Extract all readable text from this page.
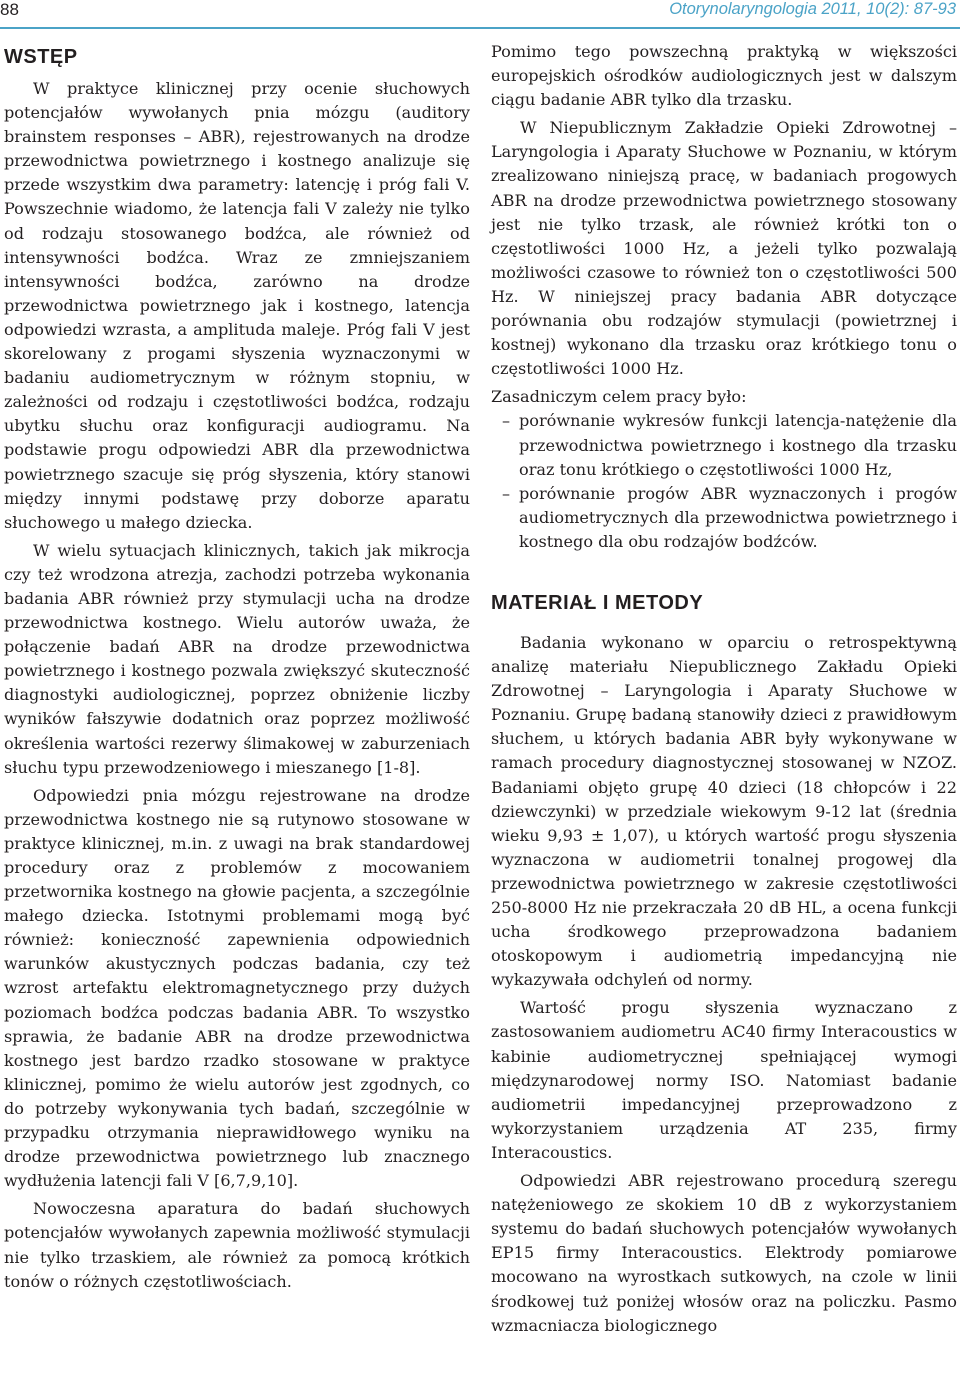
88	Otorynolaryngologia 2011, 10(2): 87-93
WSTĘP

W praktyce klinicznej przy ocenie słuchowych potencjałów wywołanych pnia mózgu (auditory brainstem responses – ABR), rejestrowanych na drodze przewodnictwa powietrznego i kostnego analizuje się przede wszystkim dwa parametry: latencję i próg fali V. Powszechnie wiadomo, że latencja fali V zależy nie tylko od rodzaju stosowanego bodźca, ale również od intensywności bodźca. Wraz ze zmniejszaniem intensywności bodźca, zarówno na drodze przewodnictwa powietrznego jak i kostnego, latencja odpowiedzi wzrasta, a amplituda maleje. Próg fali V jest skorelowany z progami słyszenia wyznaczonymi w badaniu audiometrycznym w różnym stopniu, w zależności od rodzaju i częstotliwości bodźca, rodzaju ubytku słuchu oraz konfiguracji audiogramu. Na podstawie progu odpowiedzi ABR dla przewodnictwa powietrznego szacuje się próg słyszenia, który stanowi między innymi podstawę przy doborze aparatu słuchowego u małego dziecka.

W wielu sytuacjach klinicznych, takich jak mikrocja czy też wrodzona atrezja, zachodzi potrzeba wykonania badania ABR również przy stymulacji ucha na drodze przewodnictwa kostnego. Wielu autorów uważa, że połączenie badań ABR na drodze przewodnictwa powietrznego i kostnego pozwala zwiększyć skuteczność diagnostyki audiologicznej, poprzez obniżenie liczby wyników fałszywie dodatnich oraz poprzez możliwość określenia wartości rezerwy ślimakowej w zaburzeniach słuchu typu przewodzeniowego i mieszanego [1-8].

Odpowiedzi pnia mózgu rejestrowane na drodze przewodnictwa kostnego nie są rutynowo stosowane w praktyce klinicznej, m.in. z uwagi na brak standardowej procedury oraz z problemów z mocowaniem przetwornika kostnego na głowie pacjenta, a szczególnie małego dziecka. Istotnymi problemami mogą być również: konieczność zapewnienia odpowiednich warunków akustycznych podczas badania, czy też wzrost artefaktu elektromagnetycznego przy dużych poziomach bodźca podczas badania ABR. To wszystko sprawia, że badanie ABR na drodze przewodnictwa kostnego jest bardzo rzadko stosowane w praktyce klinicznej, pomimo że wielu autorów jest zgodnych, co do potrzeby wykonywania tych badań, szczególnie w przypadku otrzymania nieprawidłowego wyniku na drodze przewodnictwa powietrznego lub znacznego wydłużenia latencji fali V [6,7,9,10].

Nowoczesna aparatura do badań słuchowych potencjałów wywołanych zapewnia możliwość stymulacji nie tylko trzaskiem, ale również za pomocą krótkich tonów o różnych częstotliwościach.

Pomimo tego powszechną praktyką w większości europejskich ośrodków audiologicznych jest w dalszym ciągu badanie ABR tylko dla trzasku.

W Niepublicznym Zakładzie Opieki Zdrowotnej – Laryngologia i Aparaty Słuchowe w Poznaniu, w którym zrealizowano niniejszą pracę, w badaniach progowych ABR na drodze przewodnictwa powietrznego stosowany jest nie tylko trzask, ale również krótki ton o częstotliwości 1000 Hz, a jeżeli tylko pozwalają możliwości czasowe to również ton o częstotliwości 500 Hz. W niniejszej pracy badania ABR dotyczące porównania obu rodzajów stymulacji (powietrznej i kostnej) wykonano dla trzasku oraz krótkiego tonu o częstotliwości 1000 Hz.

Zasadniczym celem pracy było:

– porównanie wykresów funkcji latencja-natężenie dla przewodnictwa powietrznego i kostnego dla trzasku oraz tonu krótkiego o częstotliwości 1000 Hz,
– porównanie progów ABR wyznaczonych i progów audiometrycznych dla przewodnictwa powietrznego i kostnego dla obu rodzajów bodźców.
MATERIAŁ I METODY

Badania wykonano w oparciu o retrospektywną analizę materiału Niepublicznego Zakładu Opieki Zdrowotnej – Laryngologia i Aparaty Słuchowe w Poznaniu. Grupę badaną stanowiły dzieci z prawidłowym słuchem, u których badania ABR były wykonywane w ramach procedury diagnostycznej stosowanej w NZOZ. Badaniami objęto grupę 40 dzieci (18 chłopców i 22 dziewczynki) w przedziale wiekowym 9-12 lat (średnia wieku 9,93 ± 1,07), u których wartość progu słyszenia wyznaczona w audiometrii tonalnej progowej dla przewodnictwa powietrznego w zakresie częstotliwości 250-8000 Hz nie przekraczała 20 dB HL, a ocena funkcji ucha środkowego przeprowadzona badaniem otoskopowym i audiometrią impedancyjną nie wykazywała odchyleń od normy.

Wartość progu słyszenia wyznaczano z zastosowaniem audiometru AC40 firmy Interacoustics w kabinie audiometrycznej spełniającej wymogi międzynarodowej normy ISO. Natomiast badanie audiometrii impedancyjnej przeprowadzono z wykorzystaniem urządzenia AT 235, firmy Interacoustics.

Odpowiedzi ABR rejestrowano procedurą szeregu natężeniowego ze skokiem 10 dB z wykorzystaniem systemu do badań słuchowych potencjałów wywołanych EP15 firmy Interacoustics. Elektrody pomiarowe mocowano na wyrostkach sutkowych, na czole w linii środkowej tuż poniżej włosów oraz na policzku. Pasmo wzmacniacza biologicznego
